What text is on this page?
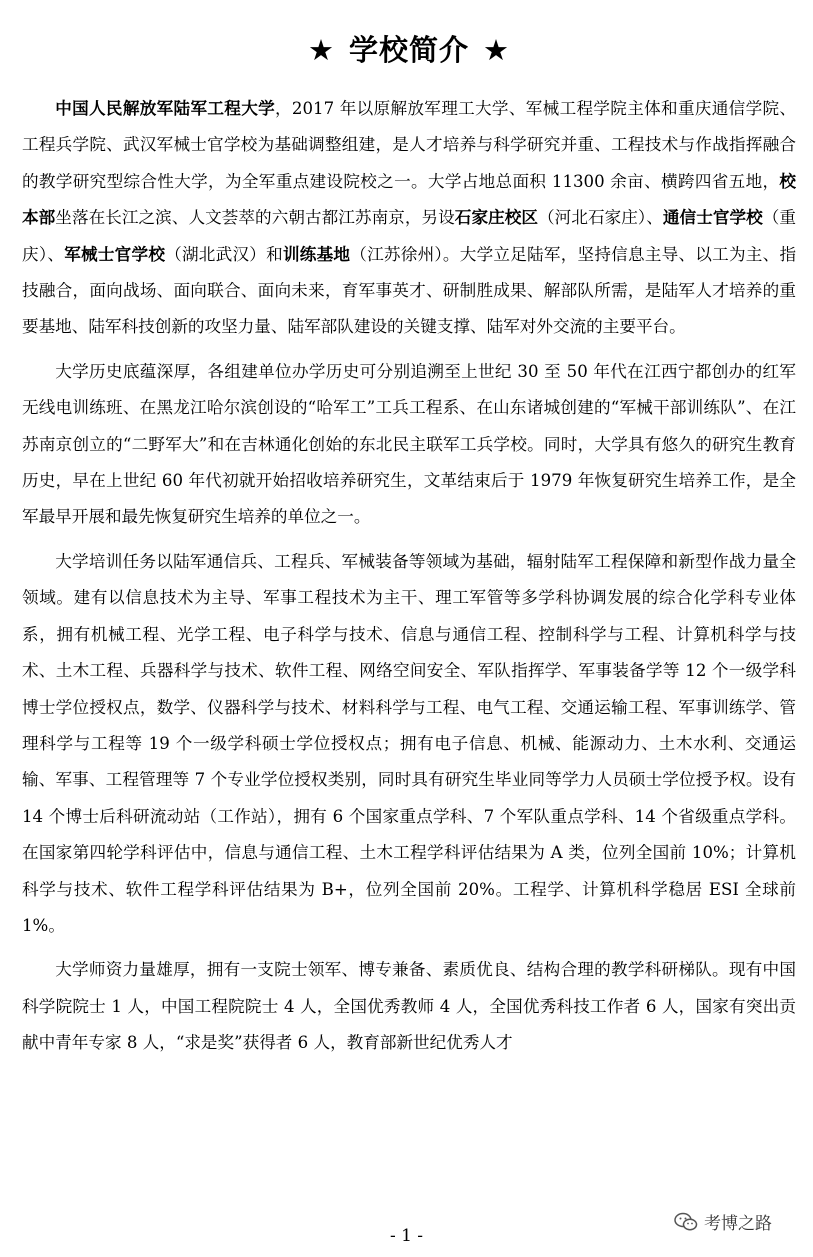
★ 学校简介 ★

中国人民解放军陆军工程大学，2017 年以原解放军理工大学、军械工程学院主体和重庆通信学院、工程兵学院、武汉军械士官学校为基础调整组建，是人才培养与科学研究并重、工程技术与作战指挥融合的教学研究型综合性大学，为全军重点建设院校之一。大学占地总面积 11300 余亩、横跨四省五地，校本部坐落在长江之滨、人文荟萃的六朝古都江苏南京，另设石家庄校区（河北石家庄）、通信士官学校（重庆）、军械士官学校（湖北武汉）和训练基地（江苏徐州）。大学立足陆军，坚持信息主导、以工为主、指技融合，面向战场、面向联合、面向未来，育军事英才、研制胜成果、解部队所需，是陆军人才培养的重要基地、陆军科技创新的攻坚力量、陆军部队建设的关键支撑、陆军对外交流的主要平台。

大学历史底蕴深厚，各组建单位办学历史可分别追溯至上世纪 30 至 50 年代在江西宁都创办的红军无线电训练班、在黑龙江哈尔滨创设的“哈军工”工兵工程系、在山东诸城创建的“军械干部训练队”、在江苏南京创立的“二野军大”和在吉林通化创始的东北民主联军工兵学校。同时，大学具有悠久的研究生教育历史，早在上世纪 60 年代初就开始招收培养研究生，文革结束后于 1979 年恢复研究生培养工作，是全军最早开展和最先恢复研究生培养的单位之一。

大学培训任务以陆军通信兵、工程兵、军械装备等领域为基础，辐射陆军工程保障和新型作战力量全领域。建有以信息技术为主导、军事工程技术为主干、理工军管等多学科协调发展的综合化学科专业体系，拥有机械工程、光学工程、电子科学与技术、信息与通信工程、控制科学与工程、计算机科学与技术、土木工程、兵器科学与技术、软件工程、网络空间安全、军队指挥学、军事装备学等 12 个一级学科博士学位授权点，数学、仪器科学与技术、材料科学与工程、电气工程、交通运输工程、军事训练学、管理科学与工程等 19 个一级学科硕士学位授权点；拥有电子信息、机械、能源动力、土木水利、交通运输、军事、工程管理等 7 个专业学位授权类别，同时具有研究生毕业同等学力人员硕士学位授予权。设有 14 个博士后科研流动站（工作站），拥有 6 个国家重点学科、7 个军队重点学科、14 个省级重点学科。在国家第四轮学科评估中，信息与通信工程、土木工程学科评估结果为 A 类，位列全国前 10%；计算机科学与技术、软件工程学科评估结果为 B+，位列全国前 20%。工程学、计算机科学稳居 ESI 全球前 1%。

大学师资力量雄厚，拥有一支院士领军、博专兼备、素质优良、结构合理的教学科研梯队。现有中国科学院院士 1 人，中国工程院院士 4 人，全国优秀教师 4 人，全国优秀科技工作者 6 人，国家有突出贡献中青年专家 8 人，“求是奖”获得者 6 人，教育部新世纪优秀人才

考博之路
- 1 -
